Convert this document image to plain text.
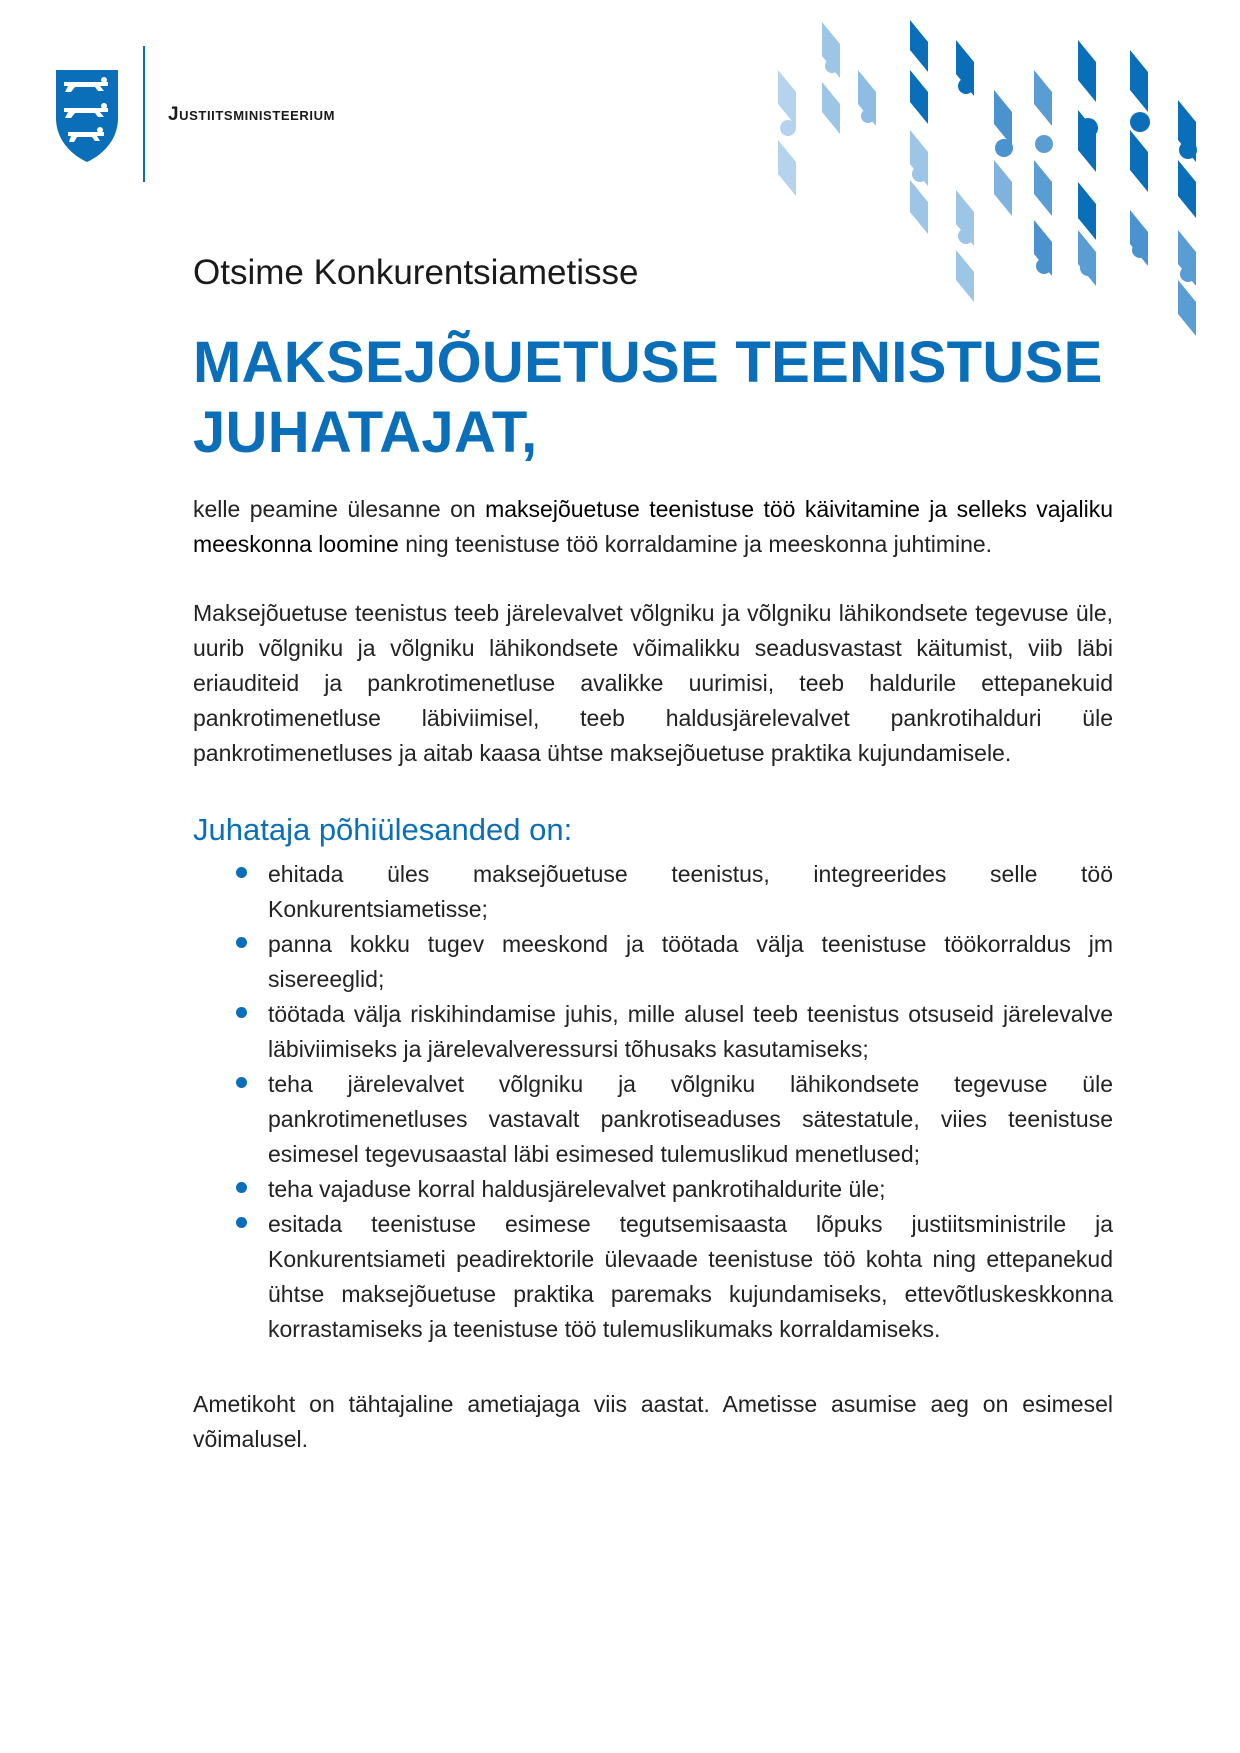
Justiitsministeerium
Otsime Konkurentsiametisse
MAKSEJÕUETUSE TEENISTUSE JUHATAJAT,

kelle peamine ülesanne on maksejõuetuse teenistuse töö käivitamine ja selleks vajaliku meeskonna loomine ning teenistuse töö korraldamine ja meeskonna juhtimine.

Maksejõuetuse teenistus teeb järelevalvet võlgniku ja võlgniku lähikondsete tegevuse üle, uurib võlgniku ja võlgniku lähikondsete võimalikku seadusvastast käitumist, viib läbi eriauditeid ja pankrotimenetluse avalikke uurimisi, teeb haldurile ettepanekuid pankrotimenetluse läbiviimisel, teeb haldusjärelevalvet pankrotihalduri üle pankrotimenetluses ja aitab kaasa ühtse maksejõuetuse praktika kujundamisele.

Juhataja põhiülesanded on:
ehitada üles maksejõuetuse teenistus, integreerides selle töö Konkurentsiametisse;
panna kokku tugev meeskond ja töötada välja teenistuse töökorraldus jm sisereeglid;
töötada välja riskihindamise juhis, mille alusel teeb teenistus otsuseid järelevalve läbiviimiseks ja järelevalveressursi tõhusaks kasutamiseks;
teha järelevalvet võlgniku ja võlgniku lähikondsete tegevuse üle pankrotimenetluses vastavalt pankrotiseaduses sätestatule, viies teenistuse esimesel tegevusaastal läbi esimesed tulemuslikud menetlused;
teha vajaduse korral haldusjärelevalvet pankrotihaldurite üle;
esitada teenistuse esimese tegutsemisaasta lõpuks justiitsministrile ja Konkurentsiameti peadirektorile ülevaade teenistuse töö kohta ning ettepanekud ühtse maksejõuetuse praktika paremaks kujundamiseks, ettevõtluskeskkonna korrastamiseks ja teenistuse töö tulemuslikumaks korraldamiseks.

Ametikoht on tähtajaline ametiajaga viis aastat. Ametisse asumise aeg on esimesel võimalusel.
